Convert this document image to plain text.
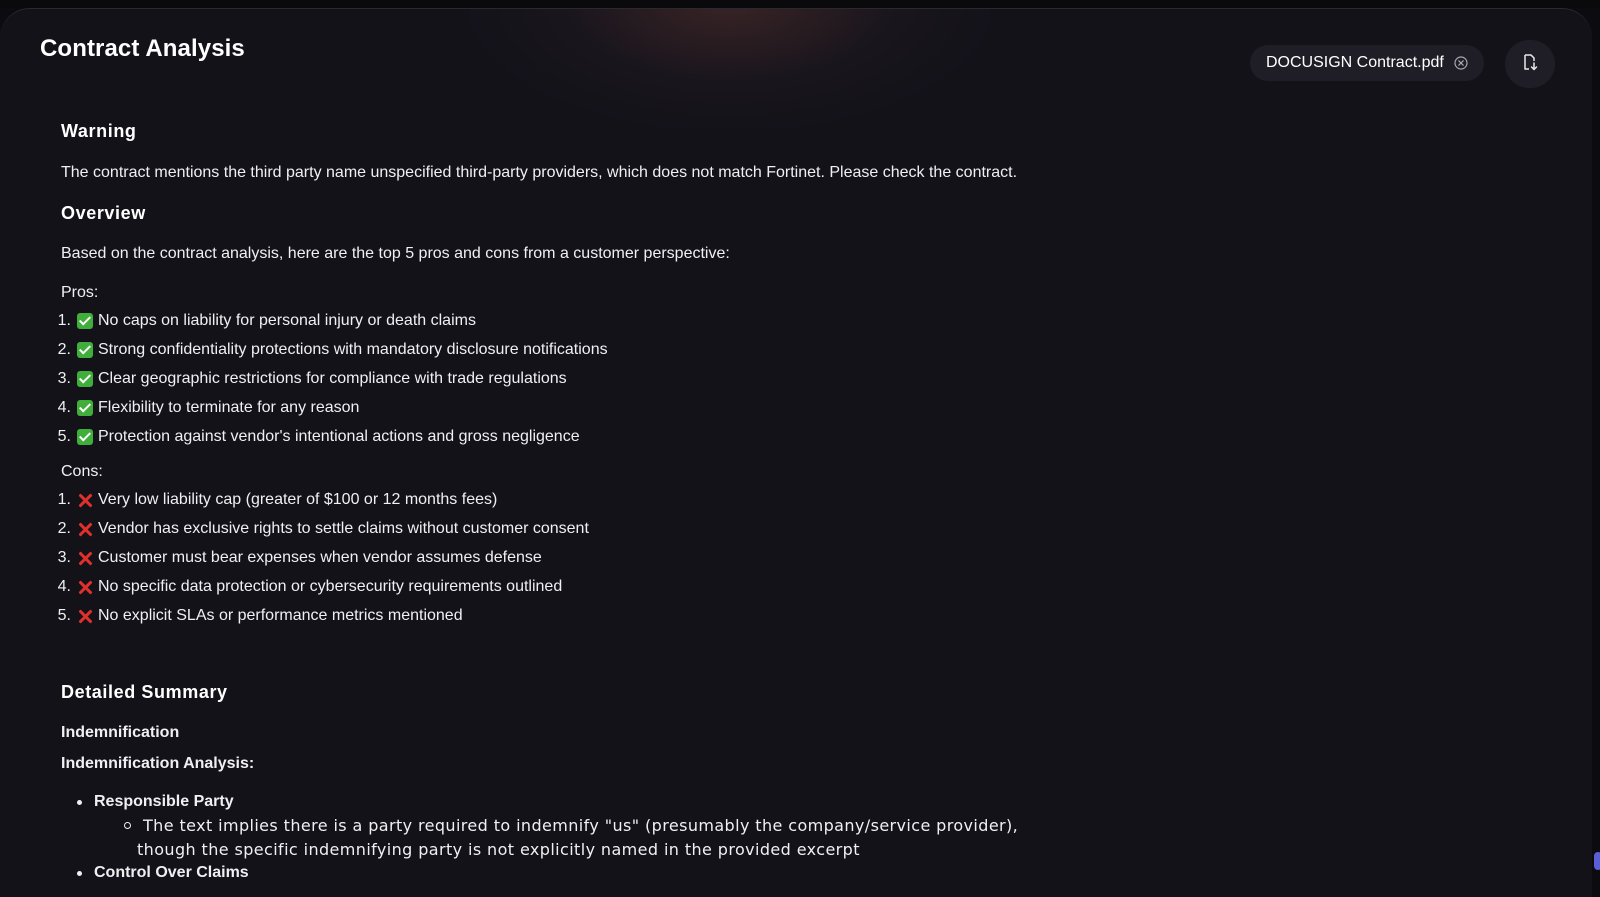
Contract Analysis
DOCUSIGN Contract.pdf
Warning

The contract mentions the third party name unspecified third-party providers, which does not match Fortinet. Please check the contract.

Overview

Based on the contract analysis, here are the top 5 pros and cons from a customer perspective:

Pros:

1. No caps on liability for personal injury or death claims
2. Strong confidentiality protections with mandatory disclosure notifications
3. Clear geographic restrictions for compliance with trade regulations
4. Flexibility to terminate for any reason
5. Protection against vendor's intentional actions and gross negligence

Cons:

1. Very low liability cap (greater of $100 or 12 months fees)
2. Vendor has exclusive rights to settle claims without customer consent
3. Customer must bear expenses when vendor assumes defense
4. No specific data protection or cybersecurity requirements outlined
5. No explicit SLAs or performance metrics mentioned
Detailed Summary

Indemnification

Indemnification Analysis:

Responsible Party
The text implies there is a party required to indemnify "us" (presumably the company/service provider),
though the specific indemnifying party is not explicitly named in the provided excerpt
Control Over Claims
